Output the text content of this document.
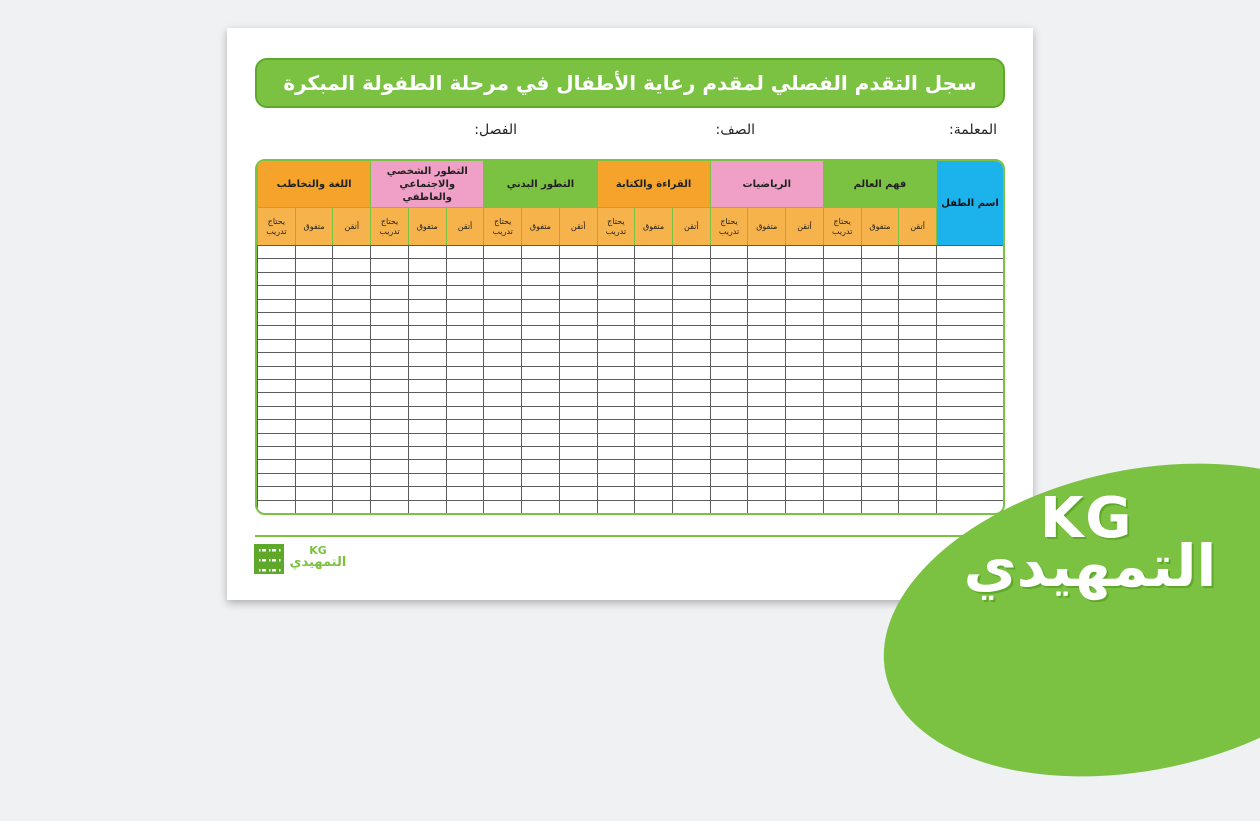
سجل التقدم الفصلي لمقدم رعاية الأطفال في مرحلة الطفولة المبكرة
المعلمة:
الصف:
الفصل:
اسم الطفل
فهم العالم
الرياضيات
القراءة والكتابة
التطور البدني
التطور الشخصي والاجتماعي والعاطفي
اللغة والتخاطب
أتقن
متفوق
يحتاج تدريب
أتقن
متفوق
يحتاج تدريب
أتقن
متفوق
يحتاج تدريب
أتقن
متفوق
يحتاج تدريب
أتقن
متفوق
يحتاج تدريب
أتقن
متفوق
يحتاج تدريب
KG
التمهيدي
KG
التمهيدي
